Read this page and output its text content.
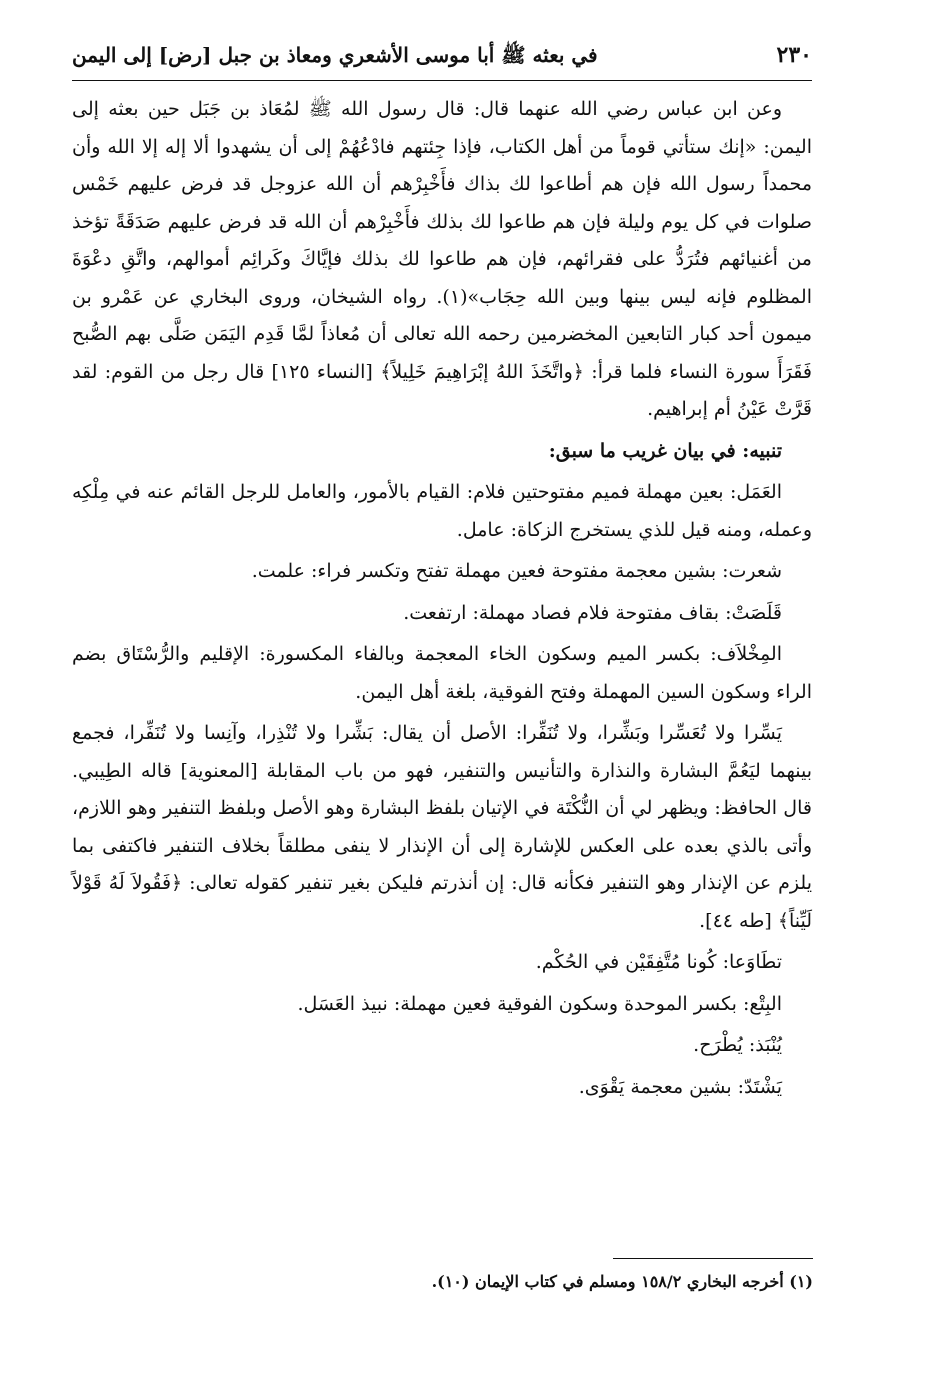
٢٣٠
في بعثه ﷺ أبا موسى الأشعري ومعاذ بن جبل [رض] إلى اليمن

وعن ابن عباس رضي الله عنهما قال: قال رسول الله ﷺ لمُعَاذ بن جَبَل حين بعثه إلى اليمن: «إنك ستأتي قوماً من أهل الكتاب، فإذا جِئتهم فادْعُهُمْ إلى أن يشهدوا ألا إله إلا الله وأن محمداً رسول الله فإن هم أطاعوا لك بذاك فأَخْبِرْهم أن الله عزوجل قد فرض عليهم خَمْس صلوات في كل يوم وليلة فإن هم طاعوا لك بذلك فأَخْبِرْهم أن الله قد فرض عليهم صَدَقَةً تؤخذ من أغنيائهم فتُرَدُّ على فقرائهم، فإن هم طاعوا لك بذلك فإيَّاكَ وكَرائِم أموالهم، واتَّقِ دعْوَةَ المظلوم فإنه ليس بينها وبين الله حِجَاب»(١). رواه الشيخان، وروى البخاري عن عَمْرو بن ميمون أحد كبار التابعين المخضرمين رحمه الله تعالى أن مُعاذاً لمَّا قَدِم اليَمَن صَلَّى بهم الصُّبح فَقَرَأَ سورة النساء فلما قرأ: ﴿واتَّخَذَ اللهُ إبْرَاهِيمَ خَلِيلاً﴾ [النساء ١٢٥] قال رجل من القوم: لقد قَرَّتْ عَيْنُ أم إبراهيم.

تنبيه: في بيان غريب ما سبق:

العَمَل: بعين مهملة فميم مفتوحتين فلام: القيام بالأمور، والعامل للرجل القائم عنه في مِلْكِه وعمله، ومنه قيل للذي يستخرج الزكاة: عامل.

شعرت: بشين معجمة مفتوحة فعين مهملة تفتح وتكسر فراء: علمت.

قَلَصَتْ: بقاف مفتوحة فلام فصاد مهملة: ارتفعت.

المِخْلاَف: بكسر الميم وسكون الخاء المعجمة وبالفاء المكسورة: الإقليم والرُّسْتَاق بضم الراء وسكون السين المهملة وفتح الفوقية، بلغة أهل اليمن.

يَسِّرا ولا تُعَسِّرا وبَشِّرا، ولا تُنَفِّرا: الأصل أن يقال: بَشِّرا ولا تُنْذِرا، وآنِسا ولا تُنَفِّرا، فجمع بينهما ليَعُمَّ البشارة والنذارة والتأنيس والتنفير، فهو من باب المقابلة [المعنوية] قاله الطِيبي. قال الحافظ: ويظهر لي أن النُّكْتَة في الإتيان بلفظ البشارة وهو الأصل وبلفظ التنفير وهو اللازم، وأتى بالذي بعده على العكس للإشارة إلى أن الإنذار لا ينفى مطلقاً بخلاف التنفير فاكتفى بما يلزم عن الإنذار وهو التنفير فكأنه قال: إن أنذرتم فليكن بغير تنفير كقوله تعالى: ﴿فَقُولاَ لَهُ قَوْلاً لَيِّناً﴾ [طه ٤٤].

تطَاوَعا: كُونا مُتَّفِقَيْن في الحُكْم.

البِتْع: بكسر الموحدة وسكون الفوقية فعين مهملة: نبيذ العَسَل.

يُنْبَذ: يُطْرَح.

يَشْتَدّ: بشين معجمة يَقْوَى.

(١) أخرجه البخاري ١٥٨/٢ ومسلم في كتاب الإيمان (١٠).
